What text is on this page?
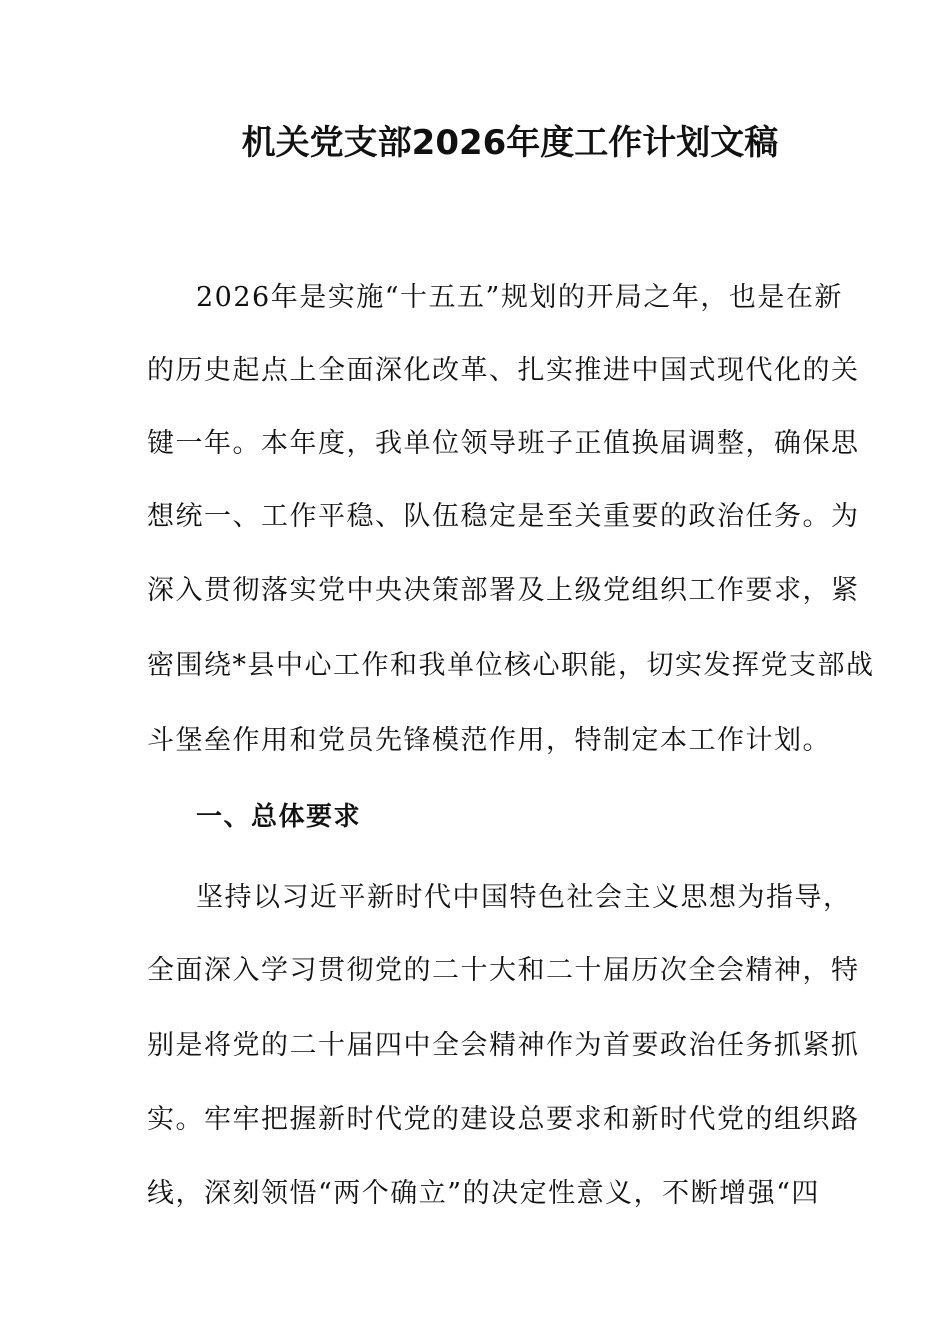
机关党支部2026年度工作计划文稿
2026年是实施“十五五”规划的开局之年，也是在新
的历史起点上全面深化改革、扎实推进中国式现代化的关
键一年。本年度，我单位领导班子正值换届调整，确保思
想统一、工作平稳、队伍稳定是至关重要的政治任务。为
深入贯彻落实党中央决策部署及上级党组织工作要求，紧
密围绕*县中心工作和我单位核心职能，切实发挥党支部战
斗堡垒作用和党员先锋模范作用，特制定本工作计划。
一、总体要求
坚持以习近平新时代中国特色社会主义思想为指导，
全面深入学习贯彻党的二十大和二十届历次全会精神，特
别是将党的二十届四中全会精神作为首要政治任务抓紧抓
实。牢牢把握新时代党的建设总要求和新时代党的组织路
线，深刻领悟“两个确立”的决定性意义，不断增强“四
